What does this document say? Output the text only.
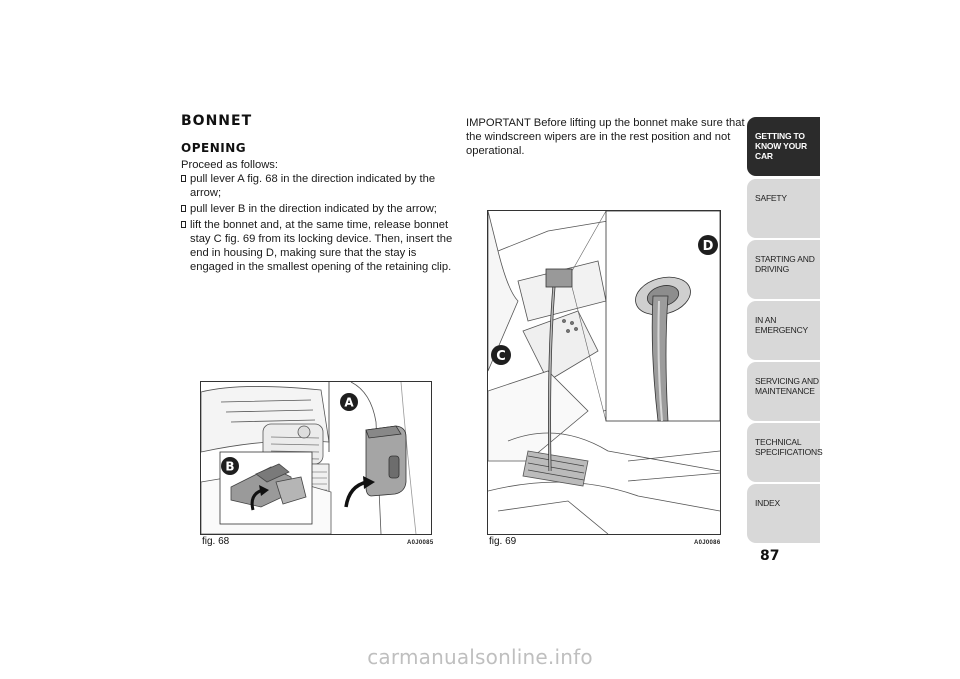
BONNET
OPENING
Proceed as follows:
pull lever A fig. 68 in the direction indicated by the arrow;
pull lever B in the direction indicated by the arrow;
lift the bonnet and, at the same time, release bonnet stay C fig. 69 from its locking device. Then, insert the end in housing D, making sure that the stay is engaged in the smallest opening of the retaining clip.
IMPORTANT Before lifting up the bonnet make sure that the windscreen wipers are in the rest position and not operational.
A
B
fig. 68	A0J0085
D
C
fig. 69	A0J0086
GETTING TO KNOW YOUR CAR
SAFETY
STARTING AND DRIVING
IN AN EMERGENCY
SERVICING AND MAINTENANCE
TECHNICAL SPECIFICATIONS
INDEX
87
carmanualsonline.info
